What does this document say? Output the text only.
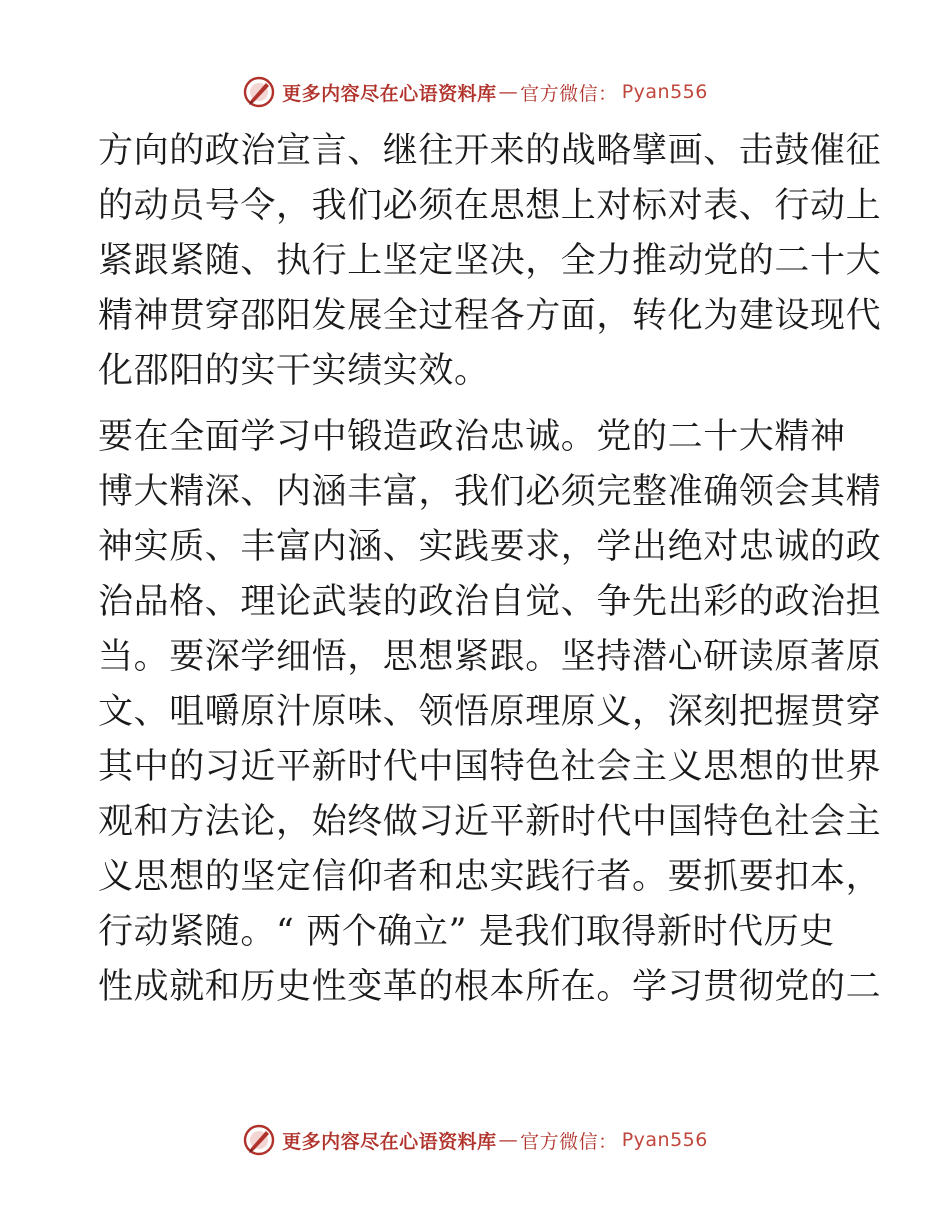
更多内容尽在心语资料库 — 官方微信： Pyan556

方向的政治宣言、继往开来的战略擘画、击鼓催征
的动员号令，我们必须在思想上对标对表、行动上
紧跟紧随、执行上坚定坚决，全力推动党的二十大
精神贯穿邵阳发展全过程各方面，转化为建设现代
化邵阳的实干实绩实效。

要在全面学习中锻造政治忠诚。党的二十大精神
博大精深、内涵丰富，我们必须完整准确领会其精
神实质、丰富内涵、实践要求，学出绝对忠诚的政
治品格、理论武装的政治自觉、争先出彩的政治担
当。要深学细悟，思想紧跟。坚持潜心研读原著原
文、咀嚼原汁原味、领悟原理原义，深刻把握贯穿
其中的习近平新时代中国特色社会主义思想的世界
观和方法论，始终做习近平新时代中国特色社会主
义思想的坚定信仰者和忠实践行者。要抓要扣本，
行动紧随。“ 两个确立” 是我们取得新时代历史
性成就和历史性变革的根本所在。学习贯彻党的二

更多内容尽在心语资料库 — 官方微信： Pyan556
